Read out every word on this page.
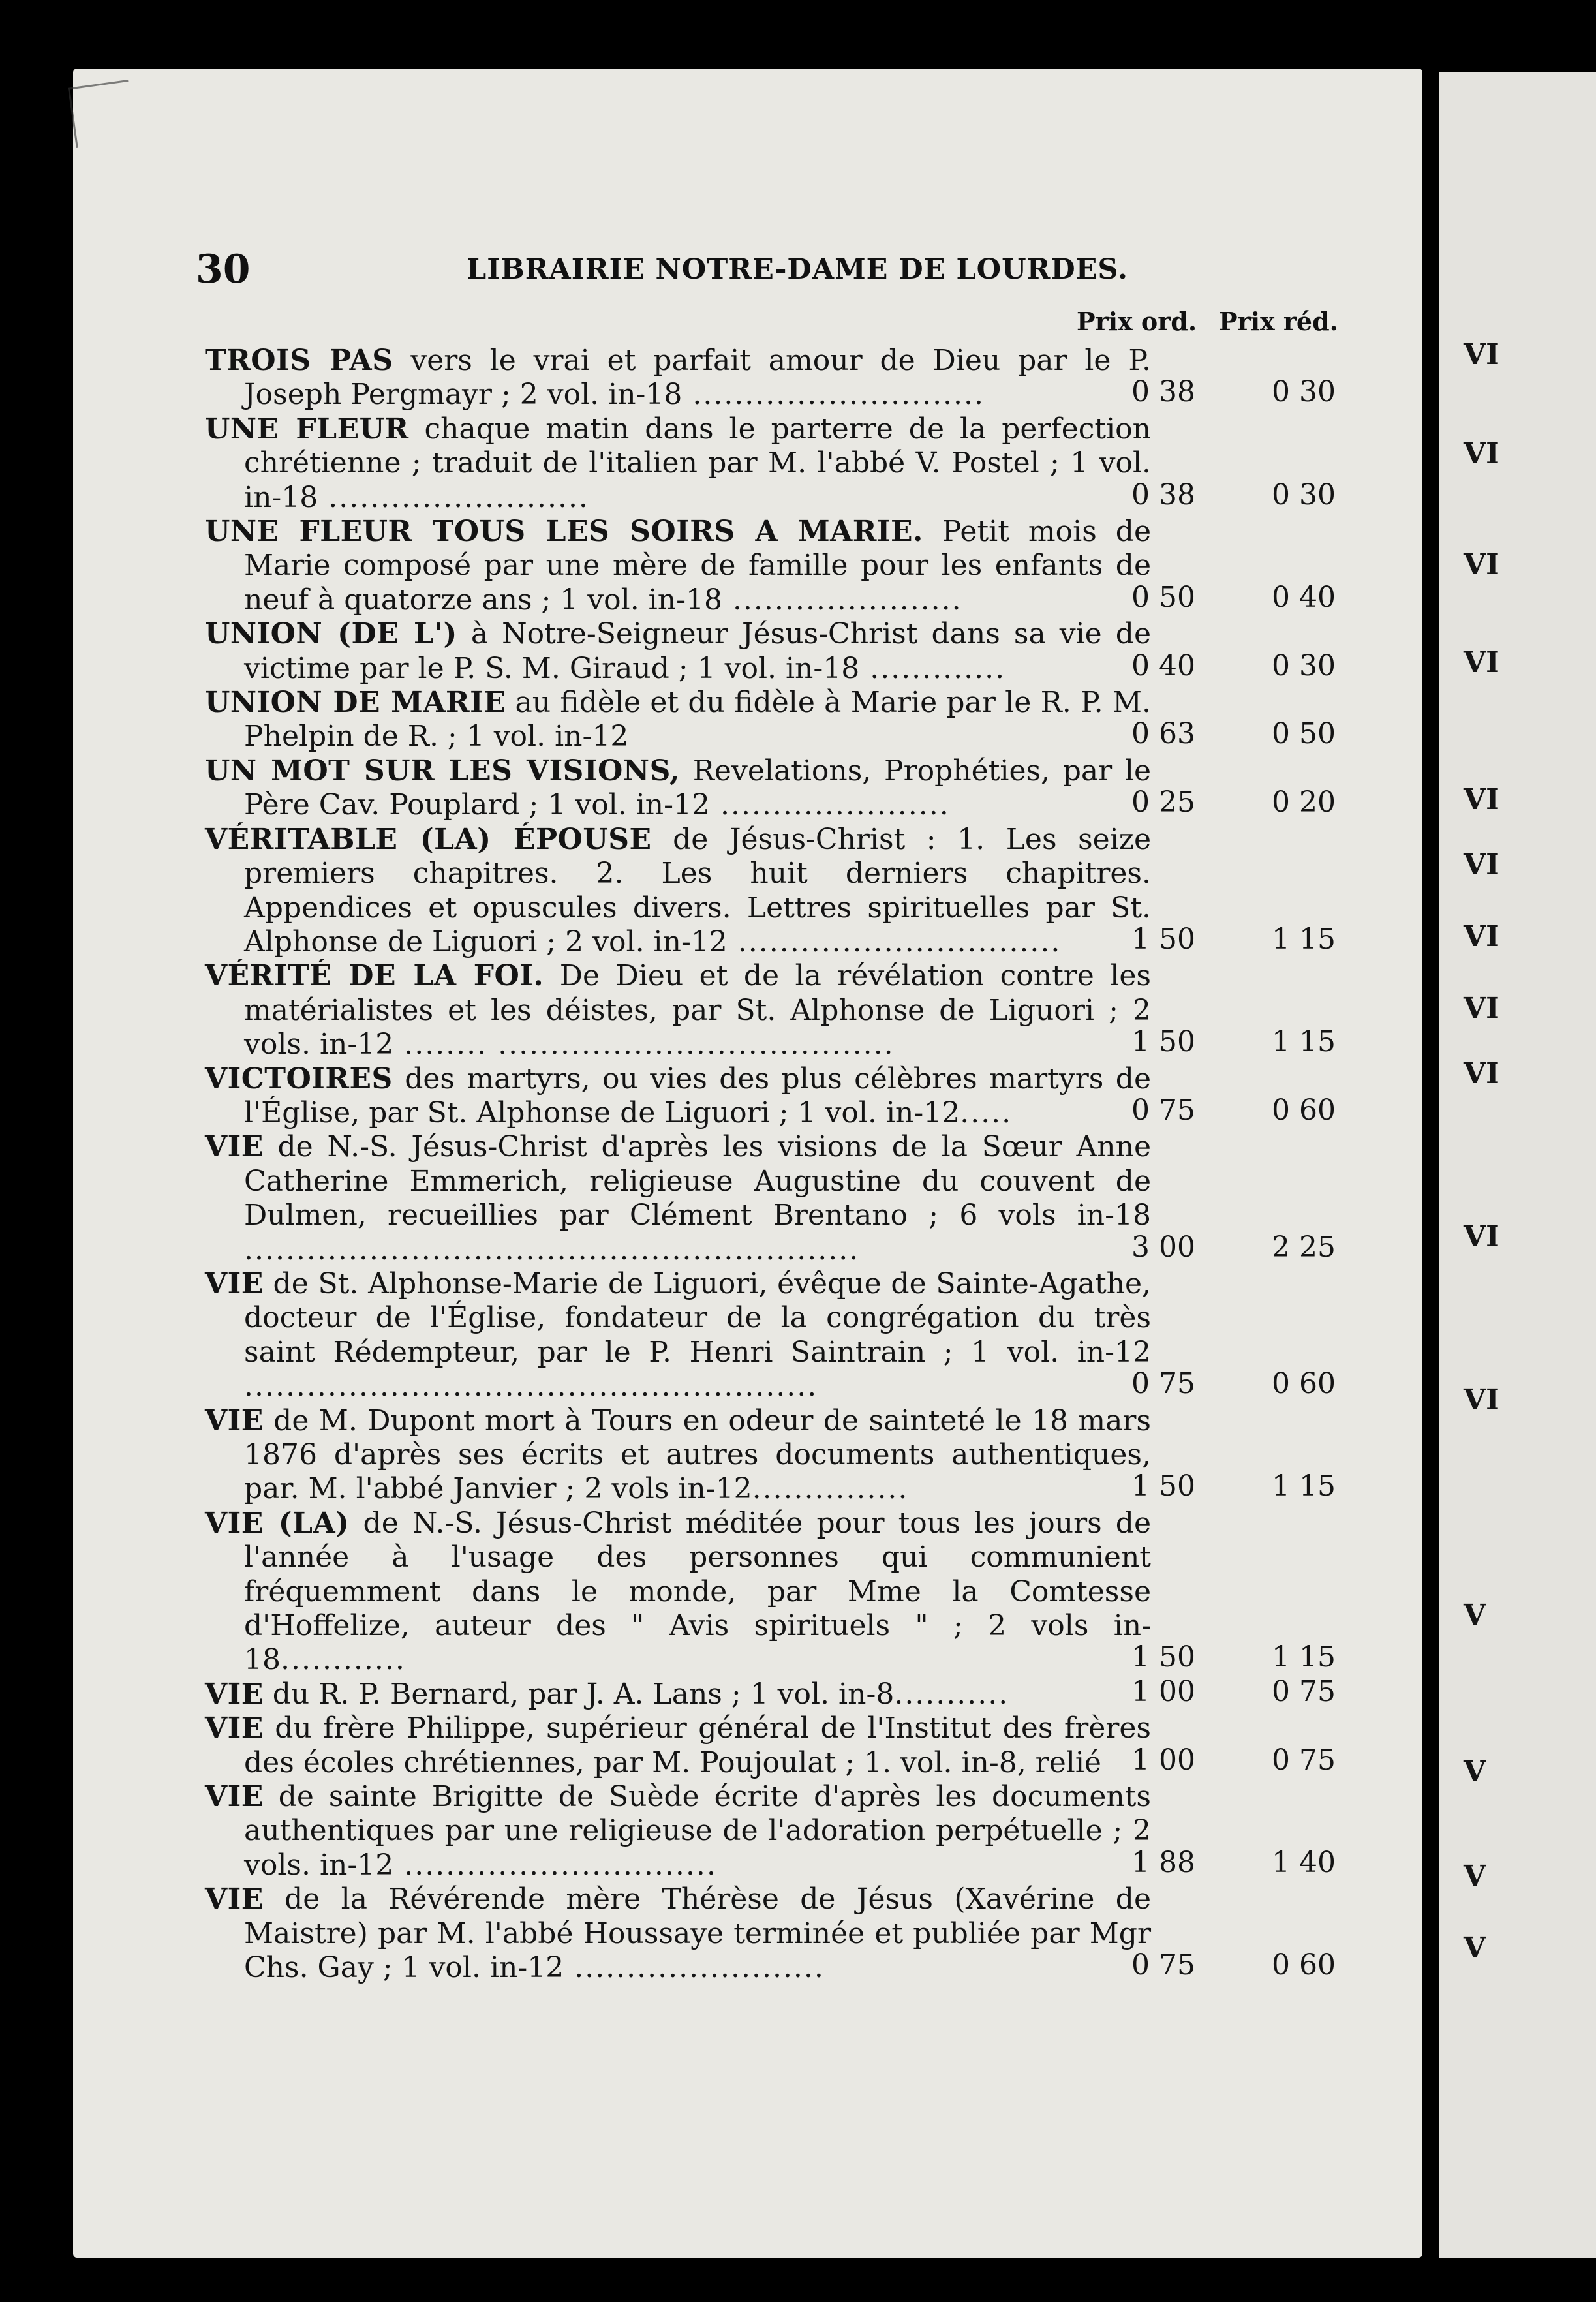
VI
VI
VI
VI
VI
VI
VI
VI
VI
VI
VI
V
V
V
V
30	LIBRAIRIE NOTRE-DAME DE LOURDES.
Prix ord. Prix réd.
TROIS PAS vers le vrai et parfait amour de Dieu par le P. Joseph Pergmayr ; 2 vol. in-18 ............................	0 38	0 30
UNE FLEUR chaque matin dans le parterre de la perfection chrétienne ; traduit de l'italien par M. l'abbé V. Postel ; 1 vol. in-18 .........................	0 38	0 30
UNE FLEUR TOUS LES SOIRS A MARIE. Petit mois de Marie composé par une mère de famille pour les enfants de neuf à quatorze ans ; 1 vol. in-18 ......................	0 50	0 40
UNION (DE L') à Notre-Seigneur Jésus-Christ dans sa vie de victime par le P. S. M. Giraud ; 1 vol. in-18 .............	0 40	0 30
UNION DE MARIE au fidèle et du fidèle à Marie par le R. P. M. Phelpin de R. ; 1 vol. in-12	0 63	0 50
UN MOT SUR LES VISIONS, Revelations, Prophéties, par le Père Cav. Pouplard ; 1 vol. in-12 ......................	0 25	0 20
VÉRITABLE (LA) ÉPOUSE de Jésus-Christ : 1. Les seize premiers chapitres. 2. Les huit derniers chapitres. Appendices et opuscules divers. Lettres spirituelles par St. Alphonse de Liguori ; 2 vol. in-12 ...............................	1 50	1 15
VÉRITÉ DE LA FOI. De Dieu et de la révélation contre les matérialistes et les déistes, par St. Alphonse de Liguori ; 2 vols. in-12 ........ ......................................	1 50	1 15
VICTOIRES des martyrs, ou vies des plus célèbres martyrs de l'Église, par St. Alphonse de Liguori ; 1 vol. in-12.....	0 75	0 60
VIE de N.-S. Jésus-Christ d'après les visions de la Sœur Anne Catherine Emmerich, religieuse Augustine du couvent de Dulmen, recueillies par Clément Brentano ; 6 vols in-18 ...........................................................	3 00	2 25
VIE de St. Alphonse-Marie de Liguori, évêque de Sainte-Agathe, docteur de l'Église, fondateur de la congrégation du très saint Rédempteur, par le P. Henri Saintrain ; 1 vol. in-12 .......................................................	0 75	0 60
VIE de M. Dupont mort à Tours en odeur de sainteté le 18 mars 1876 d'après ses écrits et autres documents authentiques, par. M. l'abbé Janvier ; 2 vols in-12...............	1 50	1 15
VIE (LA) de N.-S. Jésus-Christ méditée pour tous les jours de l'année à l'usage des personnes qui communient fréquemment dans le monde, par Mme la Comtesse d'Hoffelize, auteur des " Avis spirituels " ; 2 vols in-18............	1 50	1 15
VIE du R. P. Bernard, par J. A. Lans ; 1 vol. in-8...........	1 00	0 75
VIE du frère Philippe, supérieur général de l'Institut des frères des écoles chrétiennes, par M. Poujoulat ; 1. vol. in-8, relié	1 00	0 75
VIE de sainte Brigitte de Suède écrite d'après les documents authentiques par une religieuse de l'adoration perpétuelle ; 2 vols. in-12 ..............................	1 88	1 40
VIE de la Révérende mère Thérèse de Jésus (Xavérine de Maistre) par M. l'abbé Houssaye terminée et publiée par Mgr Chs. Gay ; 1 vol. in-12 ........................	0 75	0 60
